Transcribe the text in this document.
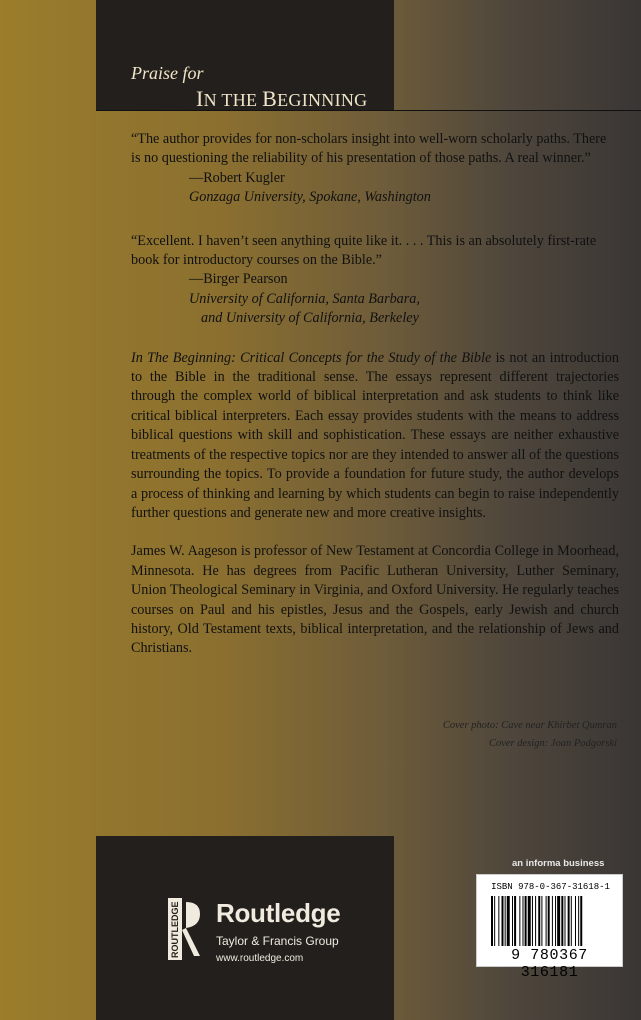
Praise for
IN THE BEGINNING

“The author provides for non-scholars insight into well-worn scholarly paths. There is no questioning the reliability of his presentation of those paths. A real winner.”

—Robert Kugler
Gonzaga University, Spokane, Washington

“Excellent. I haven’t seen anything quite like it. . . . This is an absolutely first-rate book for introductory courses on the Bible.”

—Birger Pearson
University of California, Santa Barbara,
and University of California, Berkeley

In The Beginning: Critical Concepts for the Study of the Bible is not an introduction to the Bible in the traditional sense. The essays represent different trajectories through the complex world of biblical interpretation and ask students to think like critical biblical interpreters. Each essay provides students with the means to address biblical questions with skill and sophistication. These essays are neither exhaustive treatments of the respective topics nor are they intended to answer all of the questions surrounding the topics. To provide a foundation for future study, the author develops a process of thinking and learning by which students can begin to raise independently further questions and generate new and more creative insights.

James W. Aageson is professor of New Testament at Concordia College in Moorhead, Minnesota. He has degrees from Pacific Lutheran University, Luther Seminary, Union Theological Seminary in Virginia, and Oxford University. He regularly teaches courses on Paul and his epistles, Jesus and the Gospels, early Jewish and church history, Old Testament texts, biblical interpretation, and the relationship of Jews and Christians.

Cover photo: Cave near Khirbet Qumran
Cover design: Joan Podgorski
ROUTLEDGE Routledge
Taylor & Francis Group
www.routledge.com
an informa business
ISBN 978-0-367-31618-1
9 780367 316181
